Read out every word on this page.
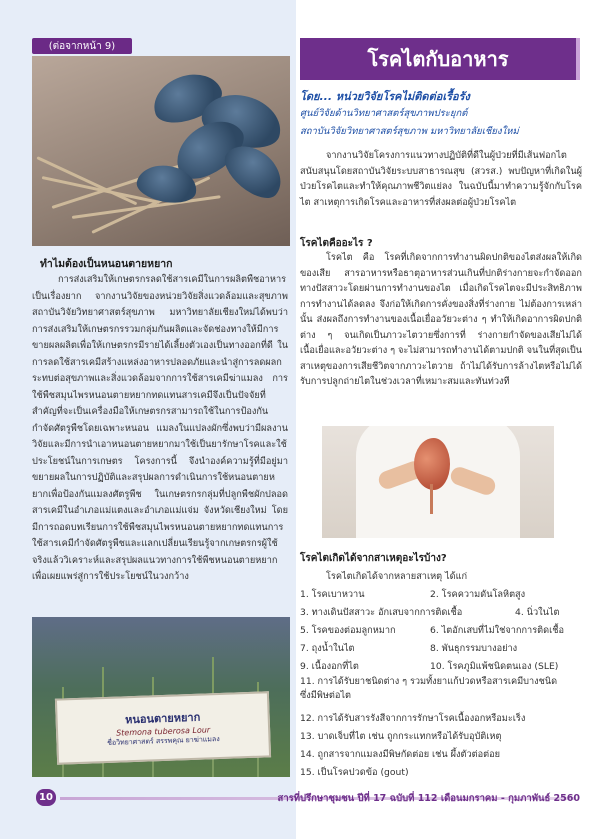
(ต่อจากหน้า 9)
ทำไมต้องเป็นหนอนตายหยาก
การส่งเสริมให้เกษตรกรลดใช้สารเคมีในการผลิตพืชอาหารเป็นเรื่องยาก จากงานวิจัยของหน่วยวิจัยสิ่งแวดล้อมและสุขภาพ สถาบันวิจัยวิทยาศาสตร์สุขภาพ มหาวิทยาลัยเชียงใหม่ได้พบว่า การส่งเสริมให้เกษตรกรรวมกลุ่มกันผลิตและจัดช่องทางให้มีการขายผลผลิตเพื่อให้เกษตรกรมีรายได้เลี้ยงตัวเองเป็นทางออกที่ดี ในการลดใช้สารเคมีสร้างแหล่งอาหารปลอดภัยและนำสู่การลดผลกระทบต่อสุขภาพและสิ่งแวดล้อมจากการใช้สารเคมีฆ่าแมลง การใช้พืชสมุนไพรหนอนตายหยากทดแทนสารเคมีจึงเป็นปัจจัยที่สำคัญที่จะเป็นเครื่องมือให้เกษตรกรสามารถใช้ในการป้องกันกำจัดศัตรูพืชโดยเฉพาะหนอน แมลงในแปลงผักซึ่งพบว่ามีผลงานวิจัยและมีการนำเอาหนอนตายหยากมาใช้เป็นยารักษาโรคและใช้ประโยชน์ในการเกษตร โครงการนี้ จึงนำองค์ความรู้ที่มีอยู่มาขยายผลในการปฏิบัติและสรุปผลการดำเนินการใช้หนอนตายหยากเพื่อป้องกันแมลงศัตรูพืช ในเกษตรกรกลุ่มที่ปลูกพืชผักปลอดสารเคมีในอำเภอแม่แตงและอำเภอแม่แจ่ม จังหวัดเชียงใหม่ โดยมีการถอดบทเรียนการใช้พืชสมุนไพรหนอนตายหยากทดแทนการใช้สารเคมีกำจัดศัตรูพืชและแลกเปลี่ยนเรียนรู้จากเกษตรกรผู้ใช้จริงแล้ววิเคราะห์และสรุปผลแนวทางการใช้พืชหนอนตายหยากเพื่อเผยแพร่สู่การใช้ประโยชน์ในวงกว้าง
หนอนตายหยาก
Stemona tuberosa Lour
ชื่อวิทยาศาสตร์ สรรพคุณ ยาฆ่าแมลง
โรคไตกับอาหาร
โดย... หน่วยวิจัยโรคไม่ติดต่อเรื้อรัง
ศูนย์วิจัยด้านวิทยาศาสตร์สุขภาพประยุกต์
สถาบันวิจัยวิทยาศาสตร์สุขภาพ มหาวิทยาลัยเชียงใหม่
จากงานวิจัยโครงการแนวทางปฏิบัติที่ดีในผู้ป่วยที่มีเส้นฟอกไตสนับสนุนโดยสถาบันวิจัยระบบสาธารณสุข (สวรส.) พบปัญหาที่เกิดในผู้ป่วยโรคไตและทำให้คุณภาพชีวิตแย่ลง ในฉบับนี้มาทำความรู้จักกับโรคไต สาเหตุการเกิดโรคและอาหารที่ส่งผลต่อผู้ป่วยโรคไต
โรคไตคืออะไร ?
โรคไต คือ โรคที่เกิดจากการทำงานผิดปกติของไตส่งผลให้เกิดของเสีย สารอาหารหรือธาตุอาหารส่วนเกินที่ปกติร่างกายจะกำจัดออกทางปัสสาวะโดยผ่านการทำงานของไต เมื่อเกิดโรคไตจะมีประสิทธิภาพการทำงานได้ลดลง จึงก่อให้เกิดการคั่งของสิ่งที่ร่างกาย ไม่ต้องการเหล่านั้น ส่งผลถึงการทำงานของเนื้อเยื่ออวัยวะต่าง ๆ ทำให้เกิดอาการผิดปกติต่าง ๆ จนเกิดเป็นภาวะไตวายซึ่งการที่ ร่างกายกำจัดของเสียไม่ได้ เนื้อเยื่อและอวัยวะต่าง ๆ จะไม่สามารถทำงานได้ตามปกติ จนในที่สุดเป็นสาเหตุของการเสียชีวิตจากภาวะไตวาย ถ้าไม่ได้รับการล้างไตหรือไม่ได้รับการปลูกถ่ายไตในช่วงเวลาที่เหมาะสมและทันท่วงที
โรคไตเกิดได้จากสาเหตุอะไรบ้าง?
โรคไตเกิดได้จากหลายสาเหตุ ได้แก่
1. โรคเบาหวาน	2. โรคความดันโลหิตสูง
3. ทางเดินปัสสาวะ อักเสบจากการติดเชื้อ	4. นิ่วในไต
5. โรคของต่อมลูกหมาก	6. ไตอักเสบที่ไม่ใช่จากการติดเชื้อ
7. ถุงน้ำในไต	8. พันธุกรรมบางอย่าง
9. เนื้องอกที่ไต	10. โรคภูมิแพ้ชนิดตนเอง (SLE)
11. การได้รับยาชนิดต่าง ๆ รวมทั้งยาแก้ปวดหรือสารเคมีบางชนิดซึ่งมีพิษต่อไต
12. การได้รับสารรังสีจากการรักษาโรคเนื้องอกหรือมะเร็ง
13. บาดเจ็บที่ไต เช่น ถูกกระแทกหรือได้รับอุบัติเหตุ
14. ถูกสารจากแมลงมีพิษกัดต่อย เช่น ผึ้งตัวต่อต่อย
15. เป็นโรคปวดข้อ (gout)
10	สารที่ปรึกษาชุมชน ปีที่ 17 ฉบับที่ 112 เดือนมกราคม - กุมภาพันธ์ 2560
